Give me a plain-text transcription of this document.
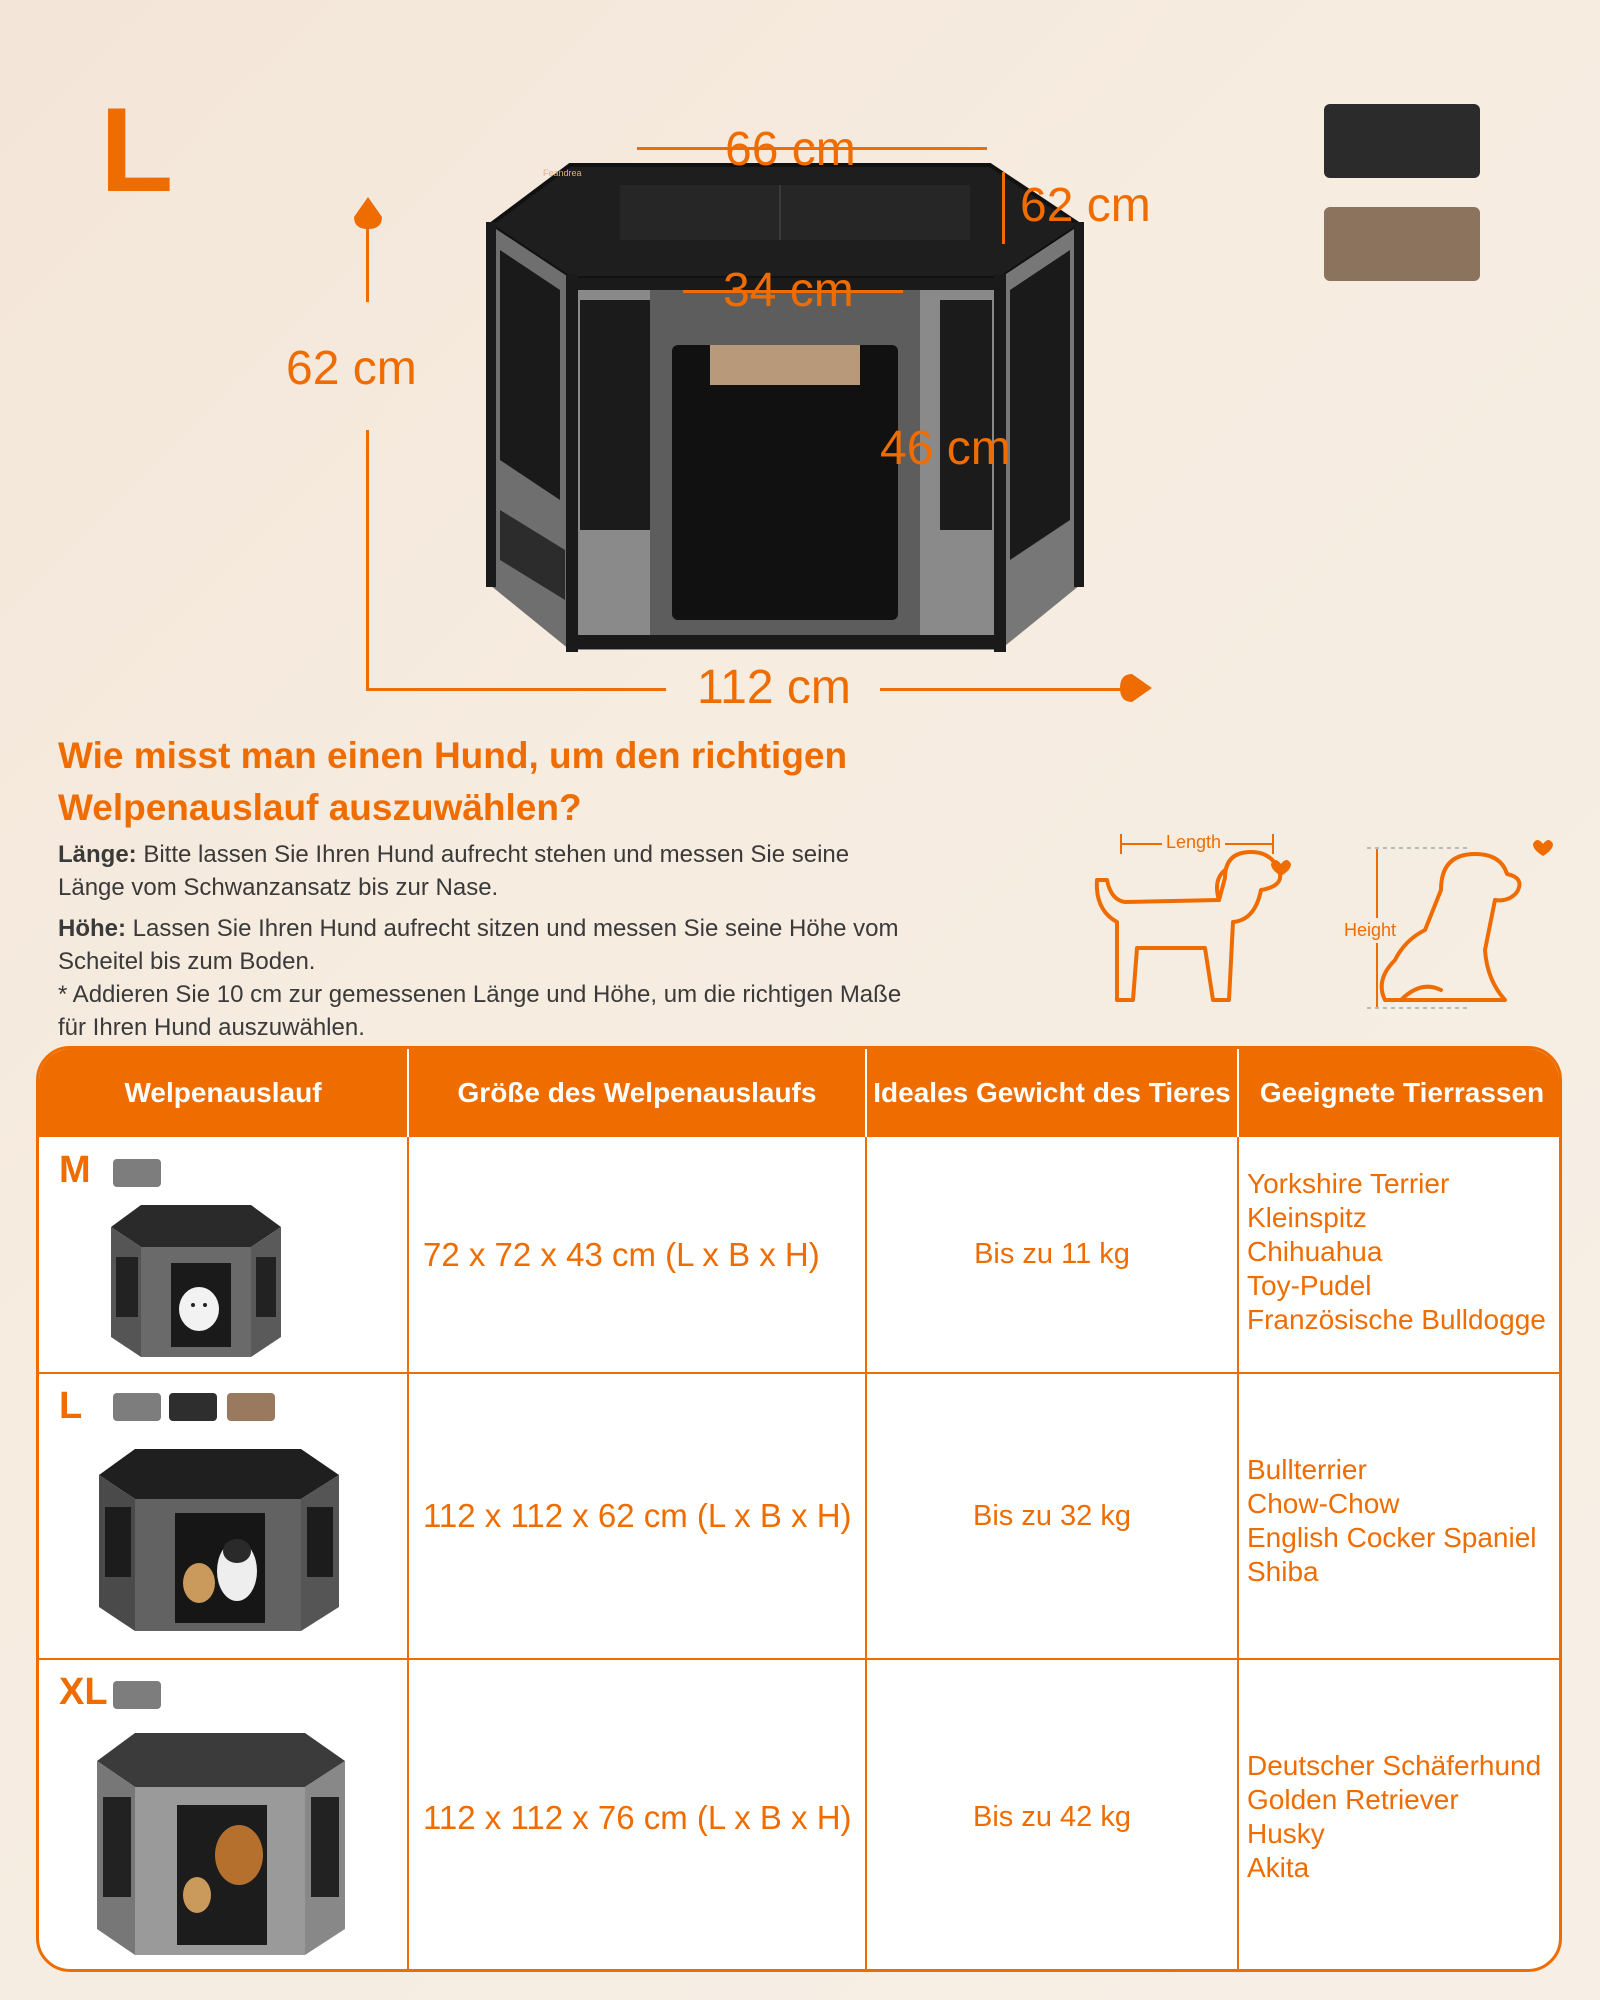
L	Feandrea	66 cm
62 cm
34 cm
46 cm
62 cm
112 cm
Wie misst man einen Hund, um den richtigen Welpenauslauf auszuwählen?
Länge: Bitte lassen Sie Ihren Hund aufrecht stehen und messen Sie seine Länge vom Schwanzansatz bis zur Nase.
Höhe: Lassen Sie Ihren Hund aufrecht sitzen und messen Sie seine Höhe vom Scheitel bis zum Boden.
* Addieren Sie 10 cm zur gemessenen Länge und Höhe, um die richtigen Maße für Ihren Hund auszuwählen.
Length
Height
Welpenauslauf	Größe des Welpenauslaufs	Ideales Gewicht des Tieres	Geeignete Tierrassen
M
72 x 72 x 43 cm (L x B x H)	Bis zu 11 kg
Yorkshire Terrier
Kleinspitz
Chihuahua
Toy-Pudel
Französische Bulldogge
L
112 x 112 x 62 cm (L x B x H)	Bis zu 32 kg
Bullterrier
Chow-Chow
English Cocker Spaniel
Shiba
XL
112 x 112 x 76 cm (L x B x H)	Bis zu 42 kg
Deutscher Schäferhund
Golden Retriever
Husky
Akita
